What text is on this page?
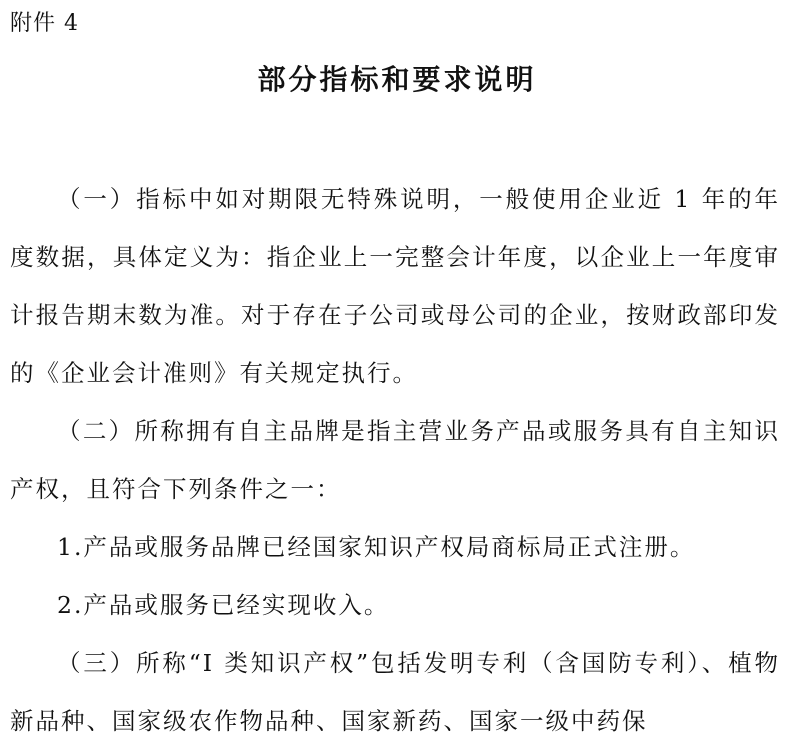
附件 4
部分指标和要求说明

（一）指标中如对期限无特殊说明，一般使用企业近 1 年的年度数据，具体定义为：指企业上一完整会计年度，以企业上一年度审计报告期末数为准。对于存在子公司或母公司的企业，按财政部印发的《企业会计准则》有关规定执行。

（二）所称拥有自主品牌是指主营业务产品或服务具有自主知识产权，且符合下列条件之一：

1.产品或服务品牌已经国家知识产权局商标局正式注册。

2.产品或服务已经实现收入。

（三）所称“I 类知识产权”包括发明专利（含国防专利）、植物新品种、国家级农作物品种、国家新药、国家一级中药保
